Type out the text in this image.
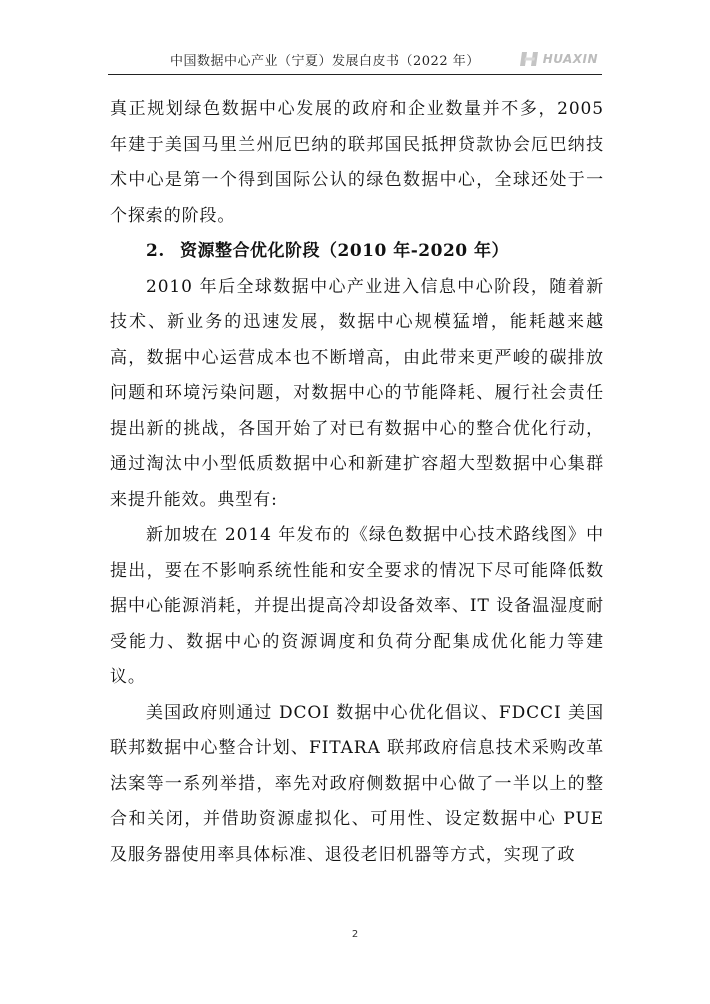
中国数据中心产业（宁夏）发展白皮书（2022 年）	HUAXIN

真正规划绿色数据中心发展的政府和企业数量并不多，2005 年建于美国马里兰州厄巴纳的联邦国民抵押贷款协会厄巴纳技术中心是第一个得到国际公认的绿色数据中心，全球还处于一个探索的阶段。

2. 资源整合优化阶段（2010 年-2020 年）

2010 年后全球数据中心产业进入信息中心阶段，随着新技术、新业务的迅速发展，数据中心规模猛增，能耗越来越高，数据中心运营成本也不断增高，由此带来更严峻的碳排放问题和环境污染问题，对数据中心的节能降耗、履行社会责任提出新的挑战，各国开始了对已有数据中心的整合优化行动，通过淘汰中小型低质数据中心和新建扩容超大型数据中心集群来提升能效。典型有:

新加坡在 2014 年发布的《绿色数据中心技术路线图》中提出，要在不影响系统性能和安全要求的情况下尽可能降低数据中心能源消耗，并提出提高冷却设备效率、IT 设备温湿度耐受能力、数据中心的资源调度和负荷分配集成优化能力等建议。

美国政府则通过 DCOI 数据中心优化倡议、FDCCI 美国联邦数据中心整合计划、FITARA 联邦政府信息技术采购改革法案等一系列举措，率先对政府侧数据中心做了一半以上的整合和关闭，并借助资源虚拟化、可用性、设定数据中心 PUE 及服务器使用率具体标准、退役老旧机器等方式，实现了政

2
